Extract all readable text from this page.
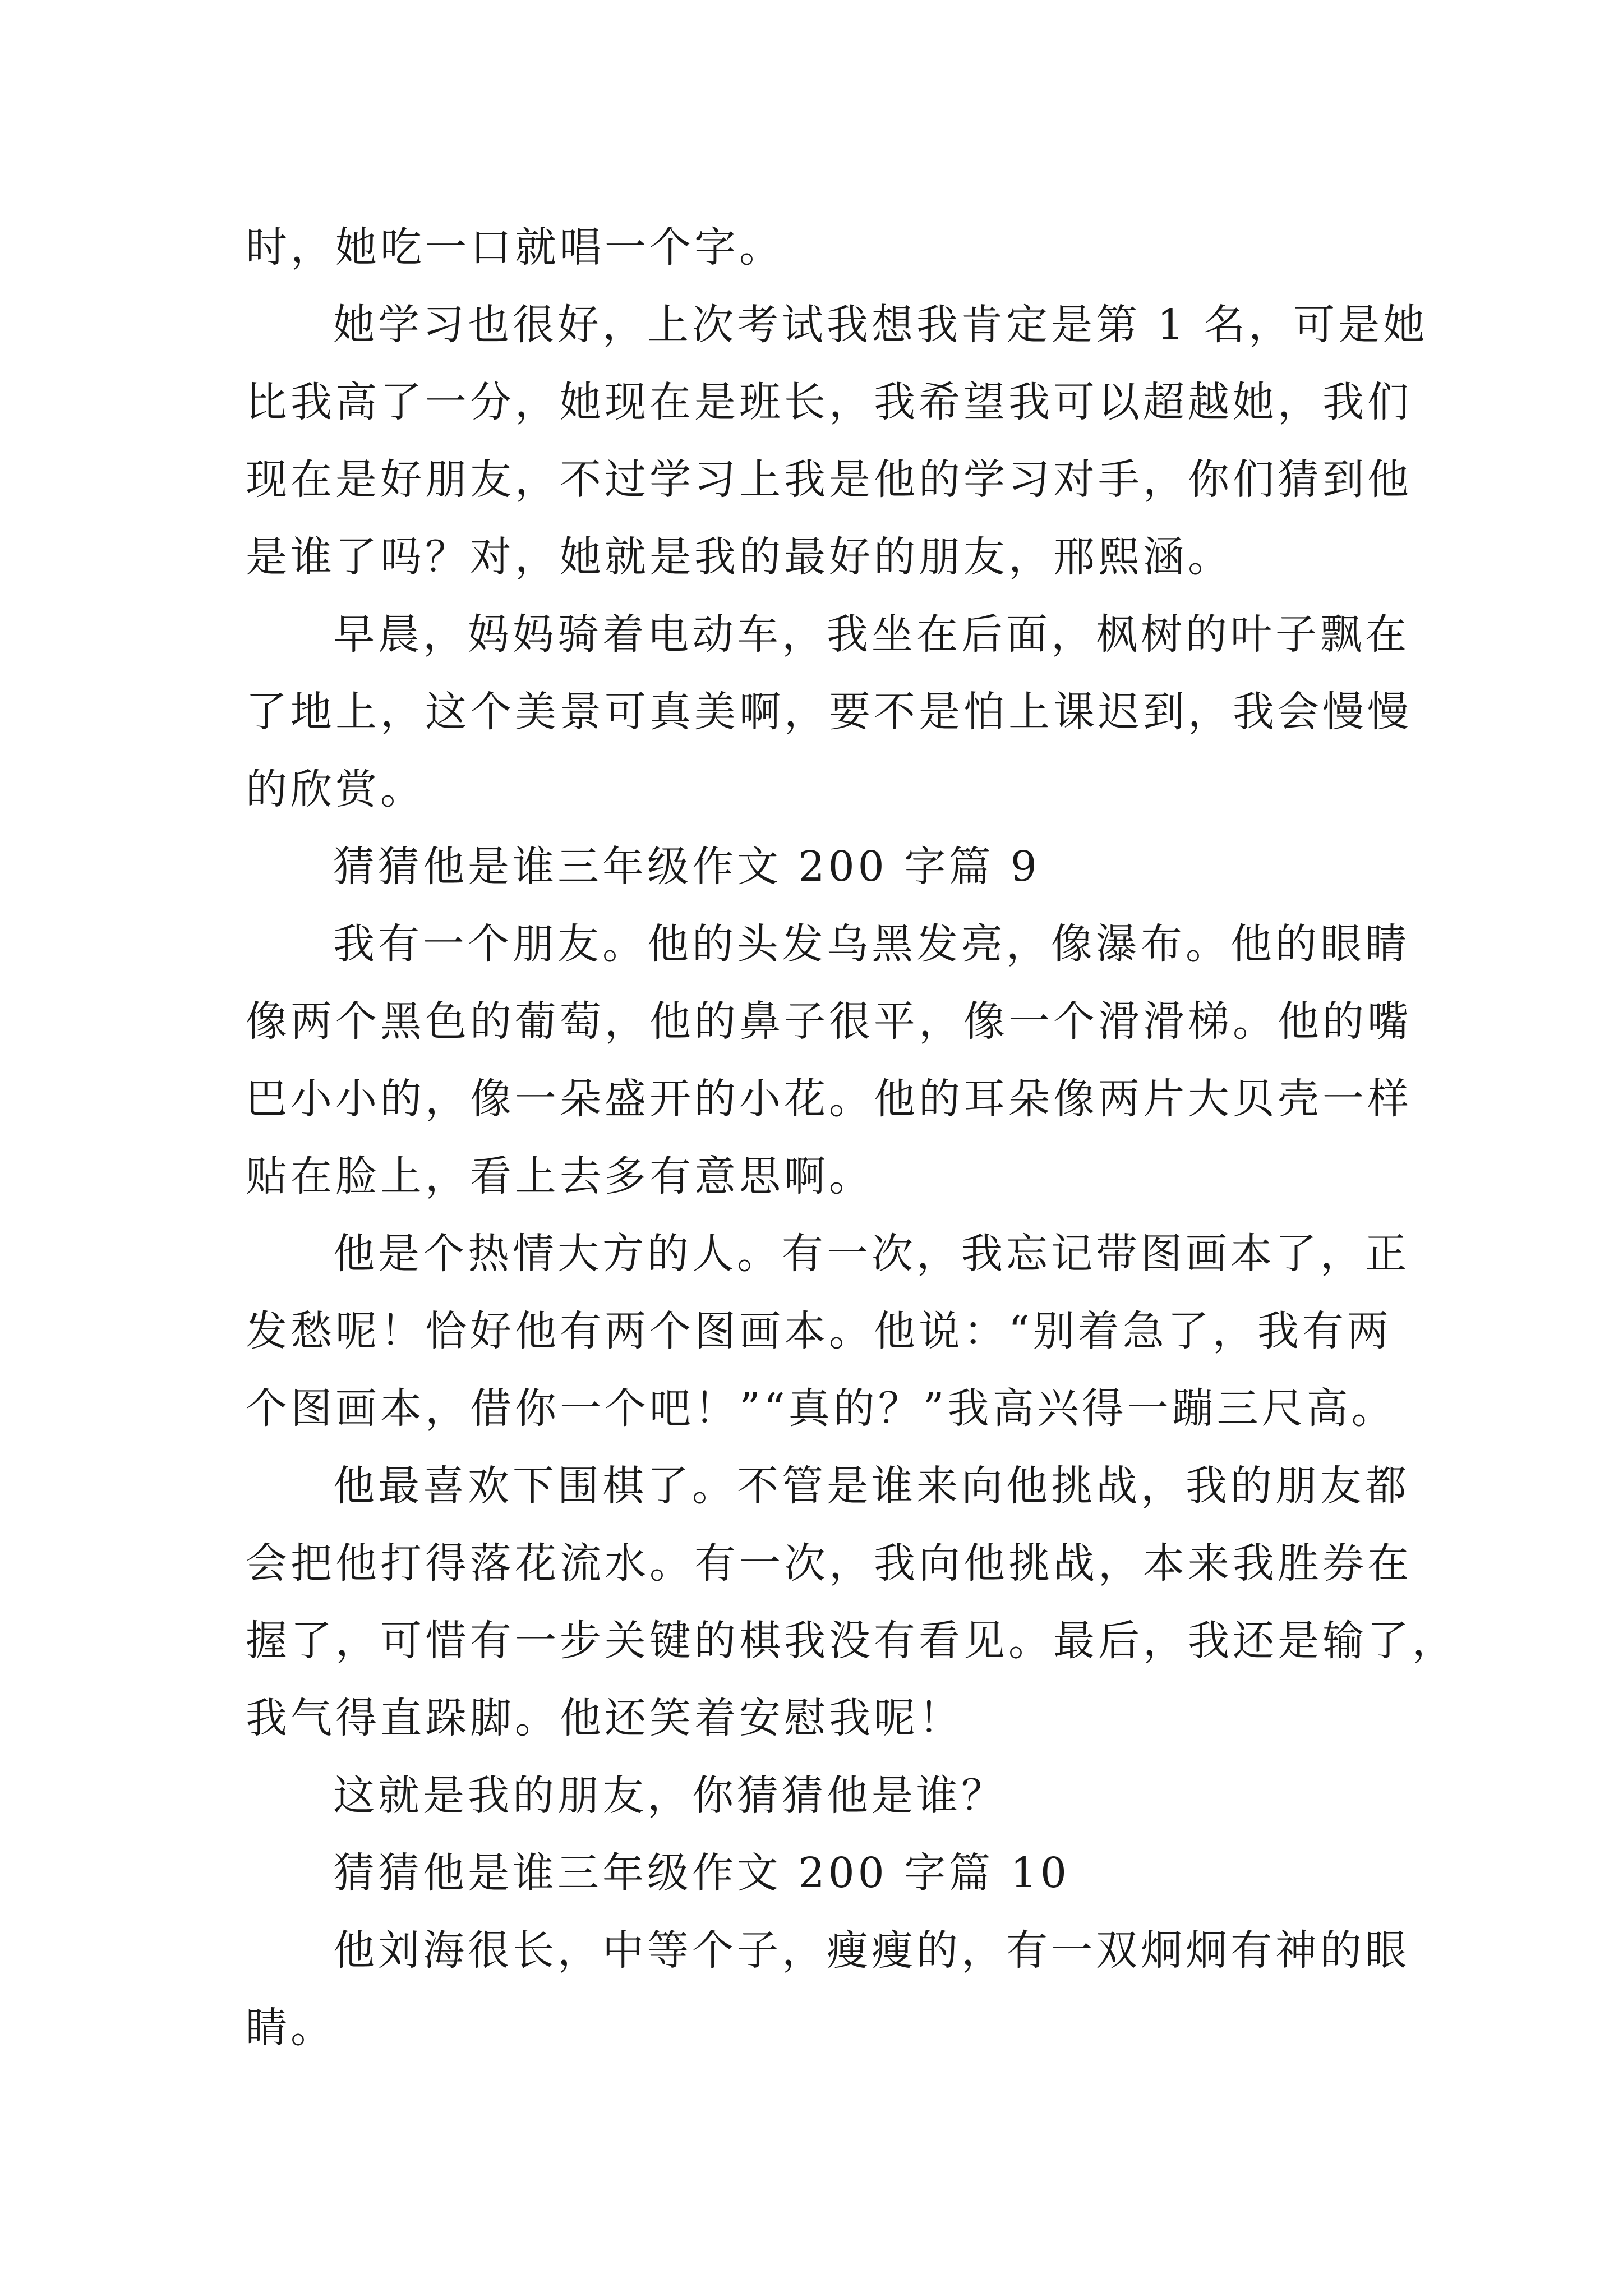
时，她吃一口就唱一个字。
她学习也很好，上次考试我想我肯定是第 1 名，可是她
比我高了一分，她现在是班长，我希望我可以超越她，我们
现在是好朋友，不过学习上我是他的学习对手，你们猜到他
是谁了吗？对，她就是我的最好的朋友，邢熙涵。
早晨，妈妈骑着电动车，我坐在后面，枫树的叶子飘在
了地上，这个美景可真美啊，要不是怕上课迟到，我会慢慢
的欣赏。
猜猜他是谁三年级作文 200 字篇 9
我有一个朋友。他的头发乌黑发亮，像瀑布。他的眼睛
像两个黑色的葡萄，他的鼻子很平，像一个滑滑梯。他的嘴
巴小小的，像一朵盛开的小花。他的耳朵像两片大贝壳一样
贴在脸上，看上去多有意思啊。
他是个热情大方的人。有一次，我忘记带图画本了，正
发愁呢！恰好他有两个图画本。他说：“别着急了，我有两
个图画本，借你一个吧！”“真的？”我高兴得一蹦三尺高。
他最喜欢下围棋了。不管是谁来向他挑战，我的朋友都
会把他打得落花流水。有一次，我向他挑战，本来我胜券在
握了，可惜有一步关键的棋我没有看见。最后，我还是输了，
我气得直跺脚。他还笑着安慰我呢！
这就是我的朋友，你猜猜他是谁？
猜猜他是谁三年级作文 200 字篇 10
他刘海很长，中等个子，瘦瘦的，有一双炯炯有神的眼
睛。
